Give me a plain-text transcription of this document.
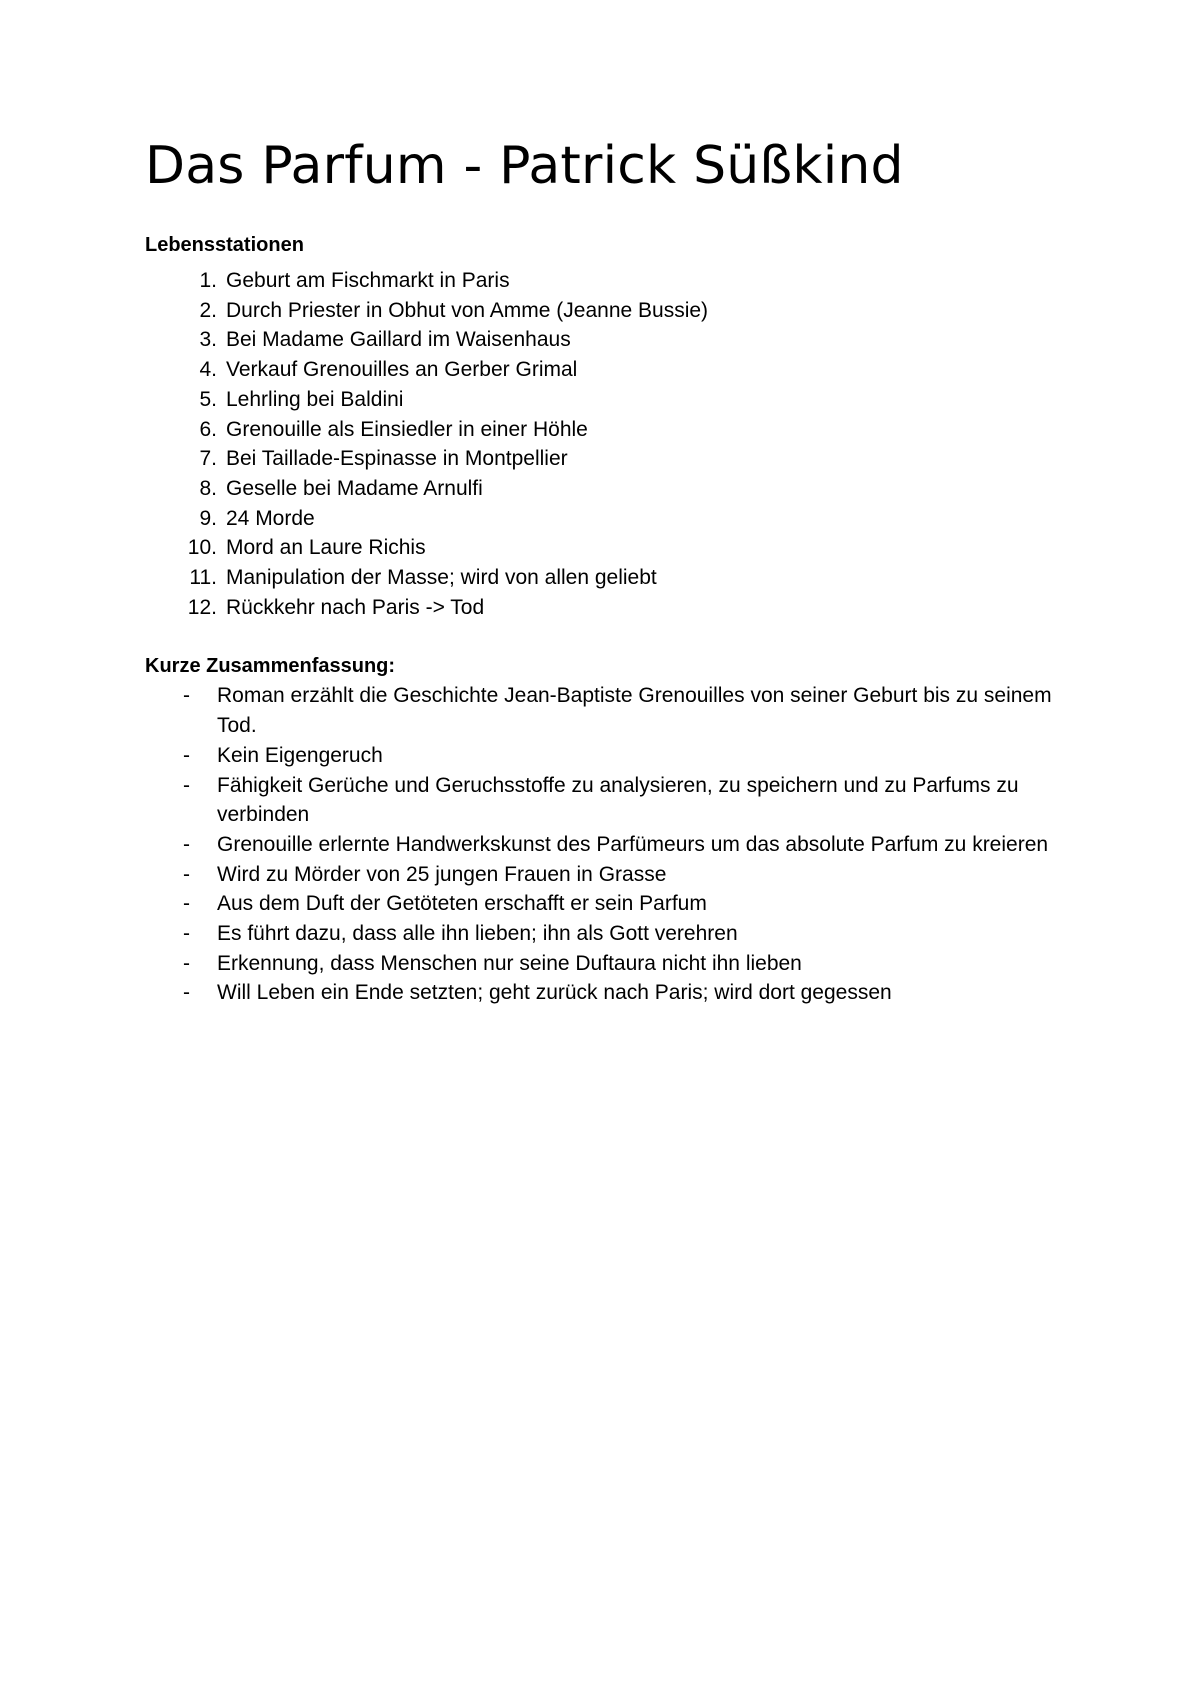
Das Parfum - Patrick Süßkind
Lebensstationen
1. Geburt am Fischmarkt in Paris
2. Durch Priester in Obhut von Amme (Jeanne Bussie)
3. Bei Madame Gaillard im Waisenhaus
4. Verkauf Grenouilles an Gerber Grimal
5. Lehrling bei Baldini
6. Grenouille als Einsiedler in einer Höhle
7. Bei Taillade-Espinasse in Montpellier
8. Geselle bei Madame Arnulfi
9. 24 Morde
10. Mord an Laure Richis
11. Manipulation der Masse; wird von allen geliebt
12. Rückkehr nach Paris -> Tod
Kurze Zusammenfassung:
-	Roman erzählt die Geschichte Jean-Baptiste Grenouilles von seiner Geburt bis zu seinem Tod.
-	Kein Eigengeruch
-	Fähigkeit Gerüche und Geruchsstoffe zu analysieren, zu speichern und zu Parfums zu verbinden
-	Grenouille erlernte Handwerkskunst des Parfümeurs um das absolute Parfum zu kreieren
-	Wird zu Mörder von 25 jungen Frauen in Grasse
-	Aus dem Duft der Getöteten erschafft er sein Parfum
-	Es führt dazu, dass alle ihn lieben; ihn als Gott verehren
-	Erkennung, dass Menschen nur seine Duftaura nicht ihn lieben
-	Will Leben ein Ende setzten; geht zurück nach Paris; wird dort gegessen
